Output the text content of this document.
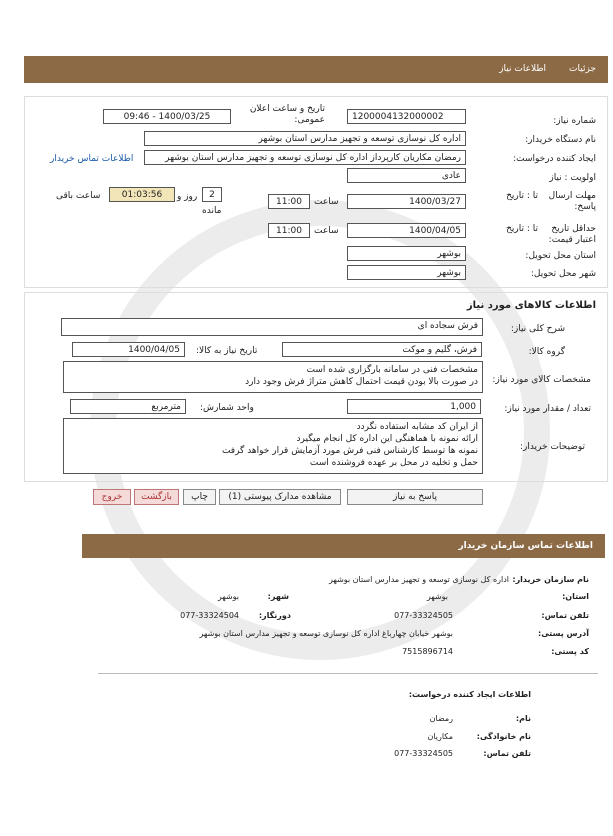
جزئیات
اطلاعات نیاز
شماره نیاز:
1200004132000002
تاریخ و ساعت اعلان عمومی:
1400/03/25 - 09:46
نام دستگاه خریدار:
اداره کل نوسازی توسعه و تجهیز مدارس استان بوشهر
ایجاد کننده درخواست:
رمضان مکاریان کارپرداز اداره کل نوسازی توسعه و تجهیز مدارس استان بوشهر
اطلاعات تماس خریدار
اولویت : نیاز
عادی
مهلت ارسال پاسخ:
تا : تاریخ
1400/03/27
ساعت
11:00
2
روز و
مانده
01:03:56
ساعت باقی
حداقل تاریخ اعتبار قیمت:
تا : تاریخ
1400/04/05
ساعت
11:00
استان محل تحویل:
بوشهر
شهر محل تحویل:
بوشهر
اطلاعات کالاهای مورد نیاز
شرح کلی نیاز:
فرش سجاده ای
گروه کالا:
فرش، گلیم و موکت
تاریخ نیاز به کالا:
1400/04/05
مشخصات کالای مورد نیاز:
مشخصات فنی در سامانه بارگزاری شده است
در صورت بالا بودن قیمت احتمال کاهش متراژ فرش وجود دارد
تعداد / مقدار مورد نیاز:
1,000
واحد شمارش:
مترمربع
توضیحات خریدار:
از ایران کد مشابه استفاده نگردد
ارائه نمونه با هماهنگی این اداره کل انجام میگیرد
نمونه ها توسط کارشناس فنی فرش مورد آزمایش قرار خواهد گرفت
حمل و تخلیه در محل بر عهده فروشنده است
پاسخ به نیاز
مشاهده مدارک پیوستی (1)
چاپ
بازگشت
خروج
اطلاعات تماس سازمان خریدار
نام سازمان خریدار:
اداره کل نوسازی توسعه و تجهیز مدارس استان بوشهر
استان:
بوشهر
شهر:
بوشهر
تلفن تماس:
077-33324505
دورنگار:
077-33324504
آدرس پستی:
بوشهر خیابان چهارباغ اداره کل نوسازی توسعه و تجهیز مدارس استان بوشهر
کد پستی:
7515896714
اطلاعات ایجاد کننده درخواست:
نام:
رمضان
نام خانوادگی:
مکاریان
تلفن تماس:
077-33324505
